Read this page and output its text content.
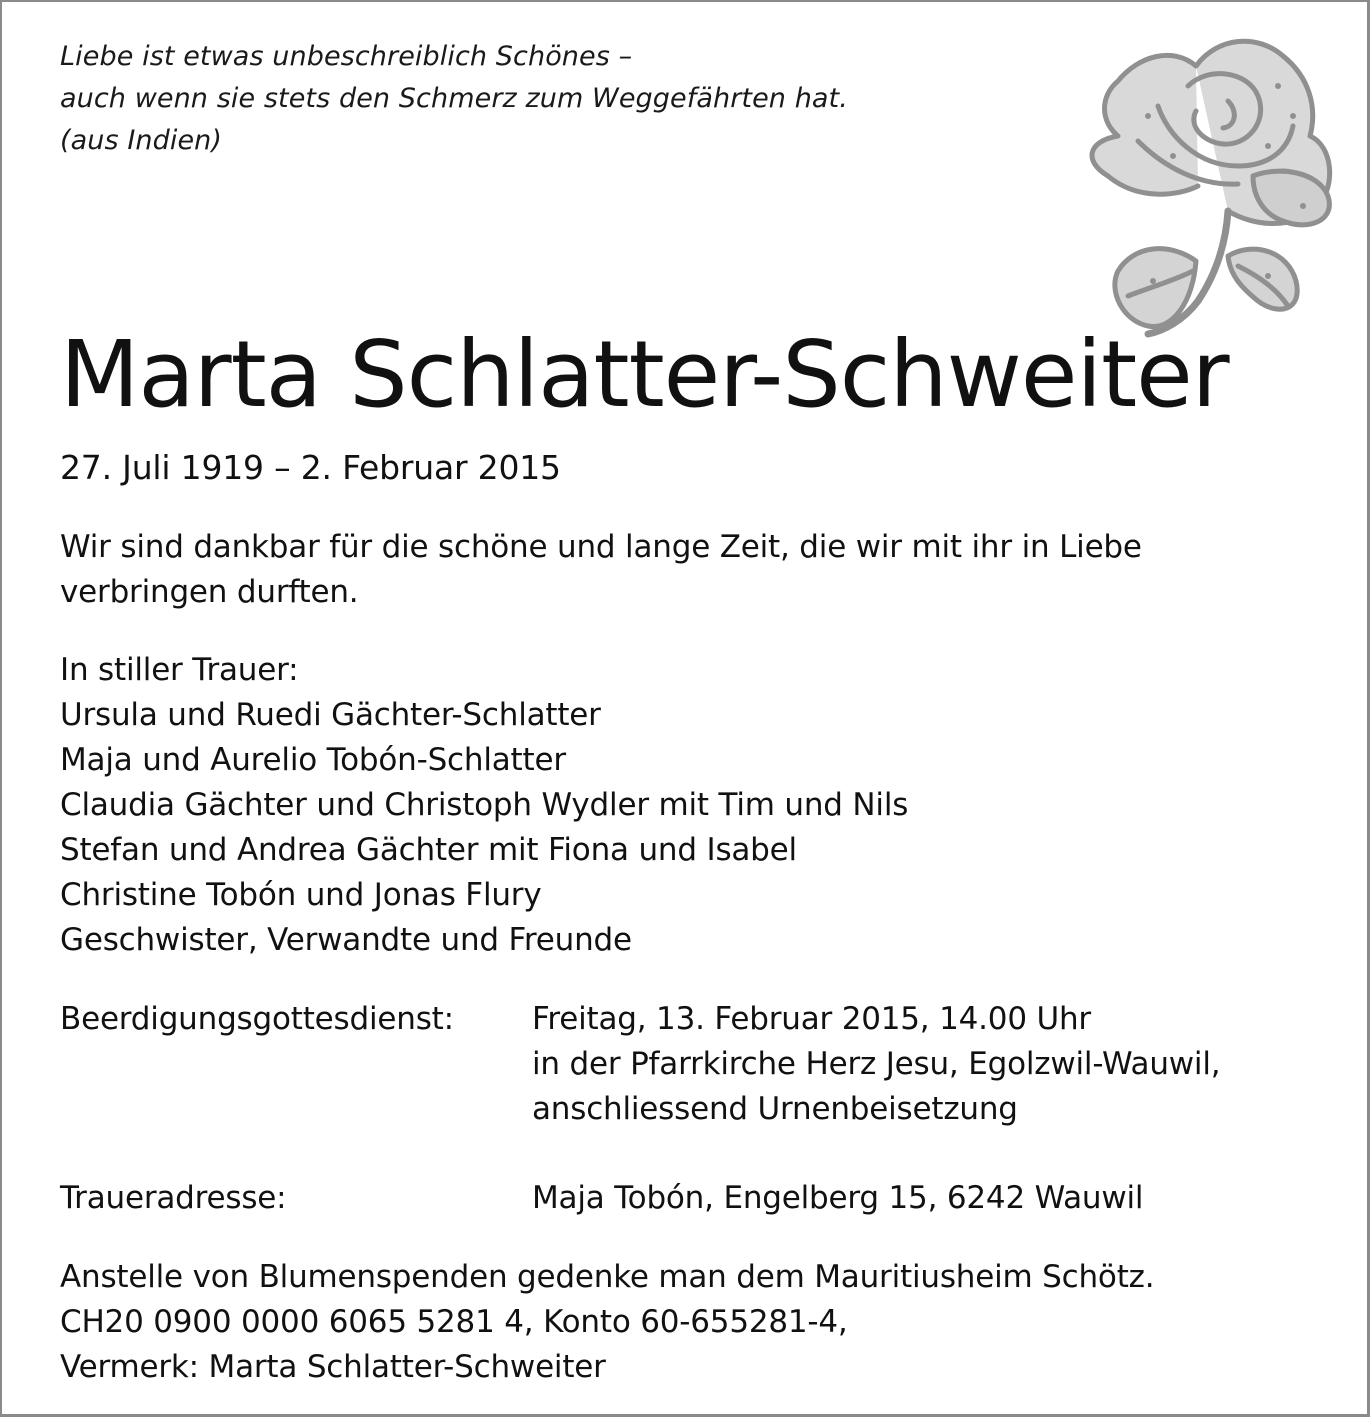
Liebe ist etwas unbeschreiblich Schönes –
auch wenn sie stets den Schmerz zum Weggefährten hat.
(aus Indien)
Marta Schlatter-Schweiter
27. Juli 1919 – 2. Februar 2015
Wir sind dankbar für die schöne und lange Zeit, die wir mit ihr in Liebe
verbringen durften.
In stiller Trauer:
Ursula und Ruedi Gächter-Schlatter
Maja und Aurelio Tobón-Schlatter
Claudia Gächter und Christoph Wydler mit Tim und Nils
Stefan und Andrea Gächter mit Fiona und Isabel
Christine Tobón und Jonas Flury
Geschwister, Verwandte und Freunde
Beerdigungsgottesdienst:	Freitag, 13. Februar 2015, 14.00 Uhr
in der Pfarrkirche Herz Jesu, Egolzwil-Wauwil,
anschliessend Urnenbeisetzung
Traueradresse:	Maja Tobón, Engelberg 15, 6242 Wauwil
Anstelle von Blumenspenden gedenke man dem Mauritiusheim Schötz.
CH20 0900 0000 6065 5281 4, Konto 60-655281-4,
Vermerk: Marta Schlatter-Schweiter
